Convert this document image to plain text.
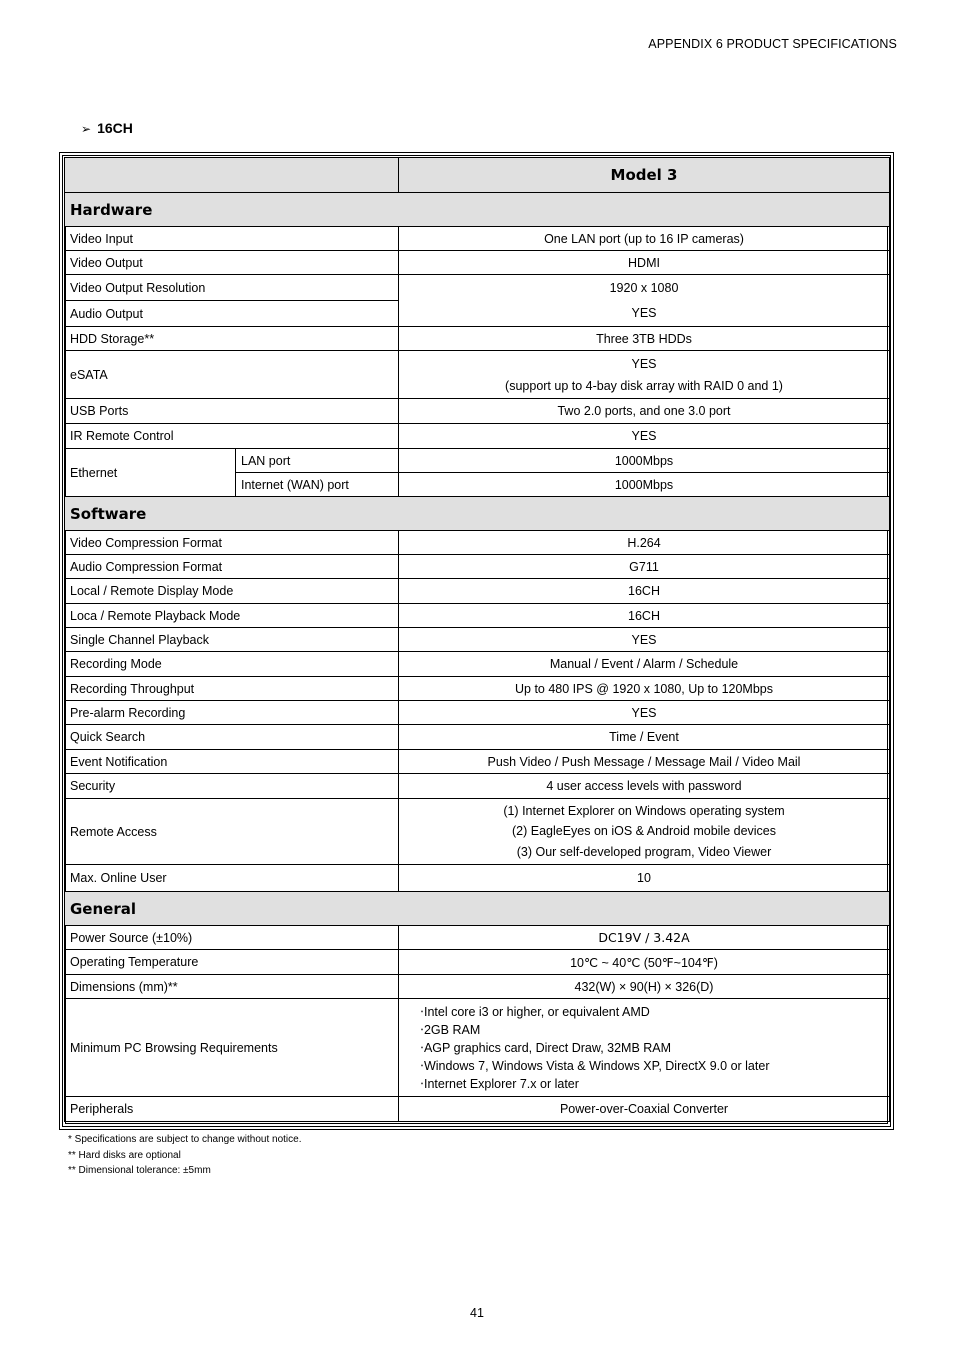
APPENDIX 6 PRODUCT SPECIFICATIONS
➢ 16CH
		Model 3
Hardware		
Video Input		One LAN port (up to 16 IP cameras)
Video Output		HDMI
Video Output Resolution		1920 x 1080
Audio Output		YES
HDD Storage**		Three 3TB HDDs
eSATA		YES
(support up to 4-bay disk array with RAID 0 and 1)

USB Ports		Two 2.0 ports, and one 3.0 port
IR Remote Control		YES
Ethernet	LAN port	1000Mbps
	Internet (WAN) port	1000Mbps
Software		
Video Compression Format		H.264
Audio Compression Format		G711
Local / Remote Display Mode		16CH
Loca / Remote Playback Mode		16CH
Single Channel Playback		YES
Recording Mode		Manual / Event / Alarm / Schedule
Recording Throughput		Up to 480 IPS @ 1920 x 1080, Up to 120Mbps
Pre-alarm Recording		YES
Quick Search		Time / Event
Event Notification		Push Video / Push Message / Message Mail / Video Mail
Security		4 user access levels with password
Remote Access		(1) Internet Explorer on Windows operating system
(2) EagleEyes on iOS & Android mobile devices
(3) Our self-developed program, Video Viewer

Max. Online User		10
General		
Power Source (±10%)		DC19V / 3.42A
Operating Temperature		10℃ ~ 40℃ (50℉~104℉)
Dimensions (mm)**		432(W) × 90(H) × 326(D)
Minimum PC Browsing Requirements		‧Intel core i3 or higher, or equivalent AMD
‧2GB RAM
‧AGP graphics card, Direct Draw, 32MB RAM
‧Windows 7, Windows Vista & Windows XP, DirectX 9.0 or later
‧Internet Explorer 7.x or later

Peripherals		Power-over-Coaxial Converter
* Specifications are subject to change without notice.
** Hard disks are optional
** Dimensional tolerance: ±5mm
41
